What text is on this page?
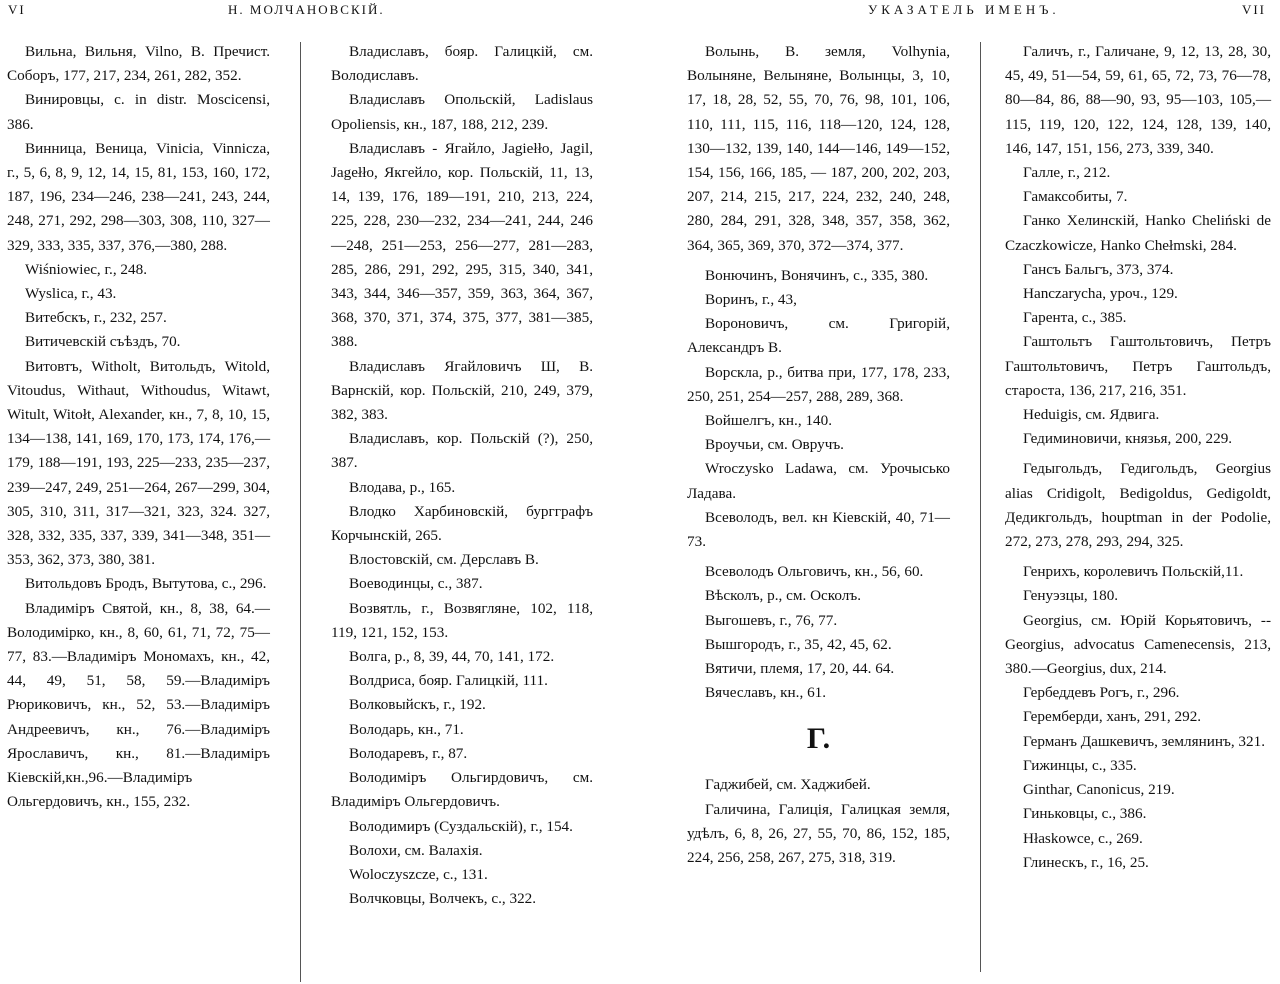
VI	Н. МОЛЧАНОВСКІЙ.

Вильна, Вильня, Vilno, В. Пречист. Соборъ, 177, 217, 234, 261, 282, 352.

Винировцы, с. in distr. Moscicensi, 386.

Винница, Веница, Vinicia, Vinnicza, г., 5, 6, 8, 9, 12, 14, 15, 81, 153, 160, 172, 187, 196, 234—246, 238—241, 243, 244, 248, 271, 292, 298—303, 308, 110, 327—329, 333, 335, 337, 376,—380, 288.

Wiśniowiec, г., 248.

Wyslica, г., 43.

Витебскъ, г., 232, 257.

Витичевскій съѣздъ, 70.

Витовтъ, Witholt, Витольдъ, Witold, Vitoudus, Withaut, Withoudus, Witawt, Witult, Witołt, Alexander, кн., 7, 8, 10, 15, 134—138, 141, 169, 170, 173, 174, 176,—179, 188—191, 193, 225—233, 235—237, 239—247, 249, 251—264, 267—299, 304, 305, 310, 311, 317—321, 323, 324. 327, 328, 332, 335, 337, 339, 341—348, 351—353, 362, 373, 380, 381.

Витольдовъ Бродъ, Вытутова, с., 296.

Владиміръ Святой, кн., 8, 38, 64.—Володимірко, кн., 8, 60, 61, 71, 72, 75—77, 83.—Владиміръ Мономахъ, кн., 42, 44, 49, 51, 58, 59.—Владиміръ Рюриковичъ, кн., 52, 53.—Владиміръ Андреевичъ, кн., 76.—Владиміръ Ярославичъ, кн., 81.—Владиміръ Кіевскій,кн.,96.—Владиміръ Ольгердовичъ, кн., 155, 232.

Владиславъ, бояр. Галицкій, см. Володиславъ.

Владиславъ Опольскій, Ladislaus Opoliensis, кн., 187, 188, 212, 239.

Владиславъ - Ягайло, Jagiełło, Jagil, Jagełło, Якгейло, кор. Польскій, 11, 13, 14, 139, 176, 189—191, 210, 213, 224, 225, 228, 230—232, 234—241, 244, 246—248, 251—253, 256—277, 281—283, 285, 286, 291, 292, 295, 315, 340, 341, 343, 344, 346—357, 359, 363, 364, 367, 368, 370, 371, 374, 375, 377, 381—385, 388.

Владиславъ Ягайловичъ Ш, В. Варнскій, кор. Польскій, 210, 249, 379, 382, 383.

Владиславъ, кор. Польскій (?), 250, 387.

Влодава, р., 165.

Влодко Харбиновскій, бургграфъ Корчынскій, 265.

Влостовскій, см. Дерславъ В.

Воеводинцы, с., 387.

Возвятль, г., Возвягляне, 102, 118, 119, 121, 152, 153.

Волга, р., 8, 39, 44, 70, 141, 172.

Волдриса, бояр. Галицкій, 111.

Волковыйскъ, г., 192.

Володарь, кн., 71.

Володаревъ, г., 87.

Володиміръ Ольгирдовичъ, см. Владиміръ Ольгердовичъ.

Володимиръ (Суздальскій), г., 154.

Волохи, см. Валахія.

Woloczyszcze, с., 131.

Волчковцы, Волчекъ, с., 322.

УКАЗАТЕЛЬ ИМЕНЪ.	VII

Волынь, В. земля, Volhynia, Волыняне, Велыняне, Волынцы, 3, 10, 17, 18, 28, 52, 55, 70, 76, 98, 101, 106, 110, 111, 115, 116, 118—120, 124, 128, 130—132, 139, 140, 144—146, 149—152, 154, 156, 166, 185, — 187, 200, 202, 203, 207, 214, 215, 217, 224, 232, 240, 248, 280, 284, 291, 328, 348, 357, 358, 362, 364, 365, 369, 370, 372—374, 377.

Вонючинъ, Вонячинъ, с., 335, 380.

Воринъ, г., 43,

Вороновичъ, см. Григорій, Александръ В.

Ворскла, р., битва при, 177, 178, 233, 250, 251, 254—257, 288, 289, 368.

Войшелгъ, кн., 140.

Вроучьи, см. Овручъ.

Wroczysko Ladawa, см. Урочысько Ладава.

Всеволодъ, вел. кн Кіевскій, 40, 71—73.

Всеволодъ Ольговичъ, кн., 56, 60.

Вѣсколъ, р., см. Осколъ.

Выгошевъ, г., 76, 77.

Вышгородъ, г., 35, 42, 45, 62.

Вятичи, племя, 17, 20, 44. 64.

Вячеславъ, кн., 61.

Г.

Гаджибей, см. Хаджибей.

Галичина, Галиція, Галицкая земля, удѣлъ, 6, 8, 26, 27, 55, 70, 86, 152, 185, 224, 256, 258, 267, 275, 318, 319.

Галичъ, г., Галичане, 9, 12, 13, 28, 30, 45, 49, 51—54, 59, 61, 65, 72, 73, 76—78, 80—84, 86, 88—90, 93, 95—103, 105,—115, 119, 120, 122, 124, 128, 139, 140, 146, 147, 151, 156, 273, 339, 340.

Галле, г., 212.

Гамаксобиты, 7.

Ганко Хелинскій, Hanko Cheliński de Czaczkowicze, Hanko Chełmski, 284.

Гансъ Бальгъ, 373, 374.

Hanczarycha, уроч., 129.

Гарента, с., 385.

Гаштольтъ Гаштольтовичъ, Петръ Гаштольтовичъ, Петръ Гаштольдъ, староста, 136, 217, 216, 351.

Heduigis, см. Ядвига.

Гедиминовичи, князья, 200, 229.

Гедыгольдъ, Гедигольдъ, Georgius alias Cridigolt, Bedigoldus, Gedigoldt, Дедикгольдъ, houptman in der Podolie, 272, 273, 278, 293, 294, 325.

Генрихъ, королевичъ Польскій,11.

Генуэзцы, 180.

Georgius, см. Юрій Корьятовичъ, --Georgius, advocatus Camenecensis, 213, 380.—Georgius, dux, 214.

Гербеддевъ Рогъ, г., 296.

Геремберди, ханъ, 291, 292.

Германъ Дашкевичъ, землянинъ, 321.

Гижинцы, с., 335.

Ginthar, Canonicus, 219.

Гиньковцы, с., 386.

Hłaskowce, с., 269.

Глинескъ, г., 16, 25.
